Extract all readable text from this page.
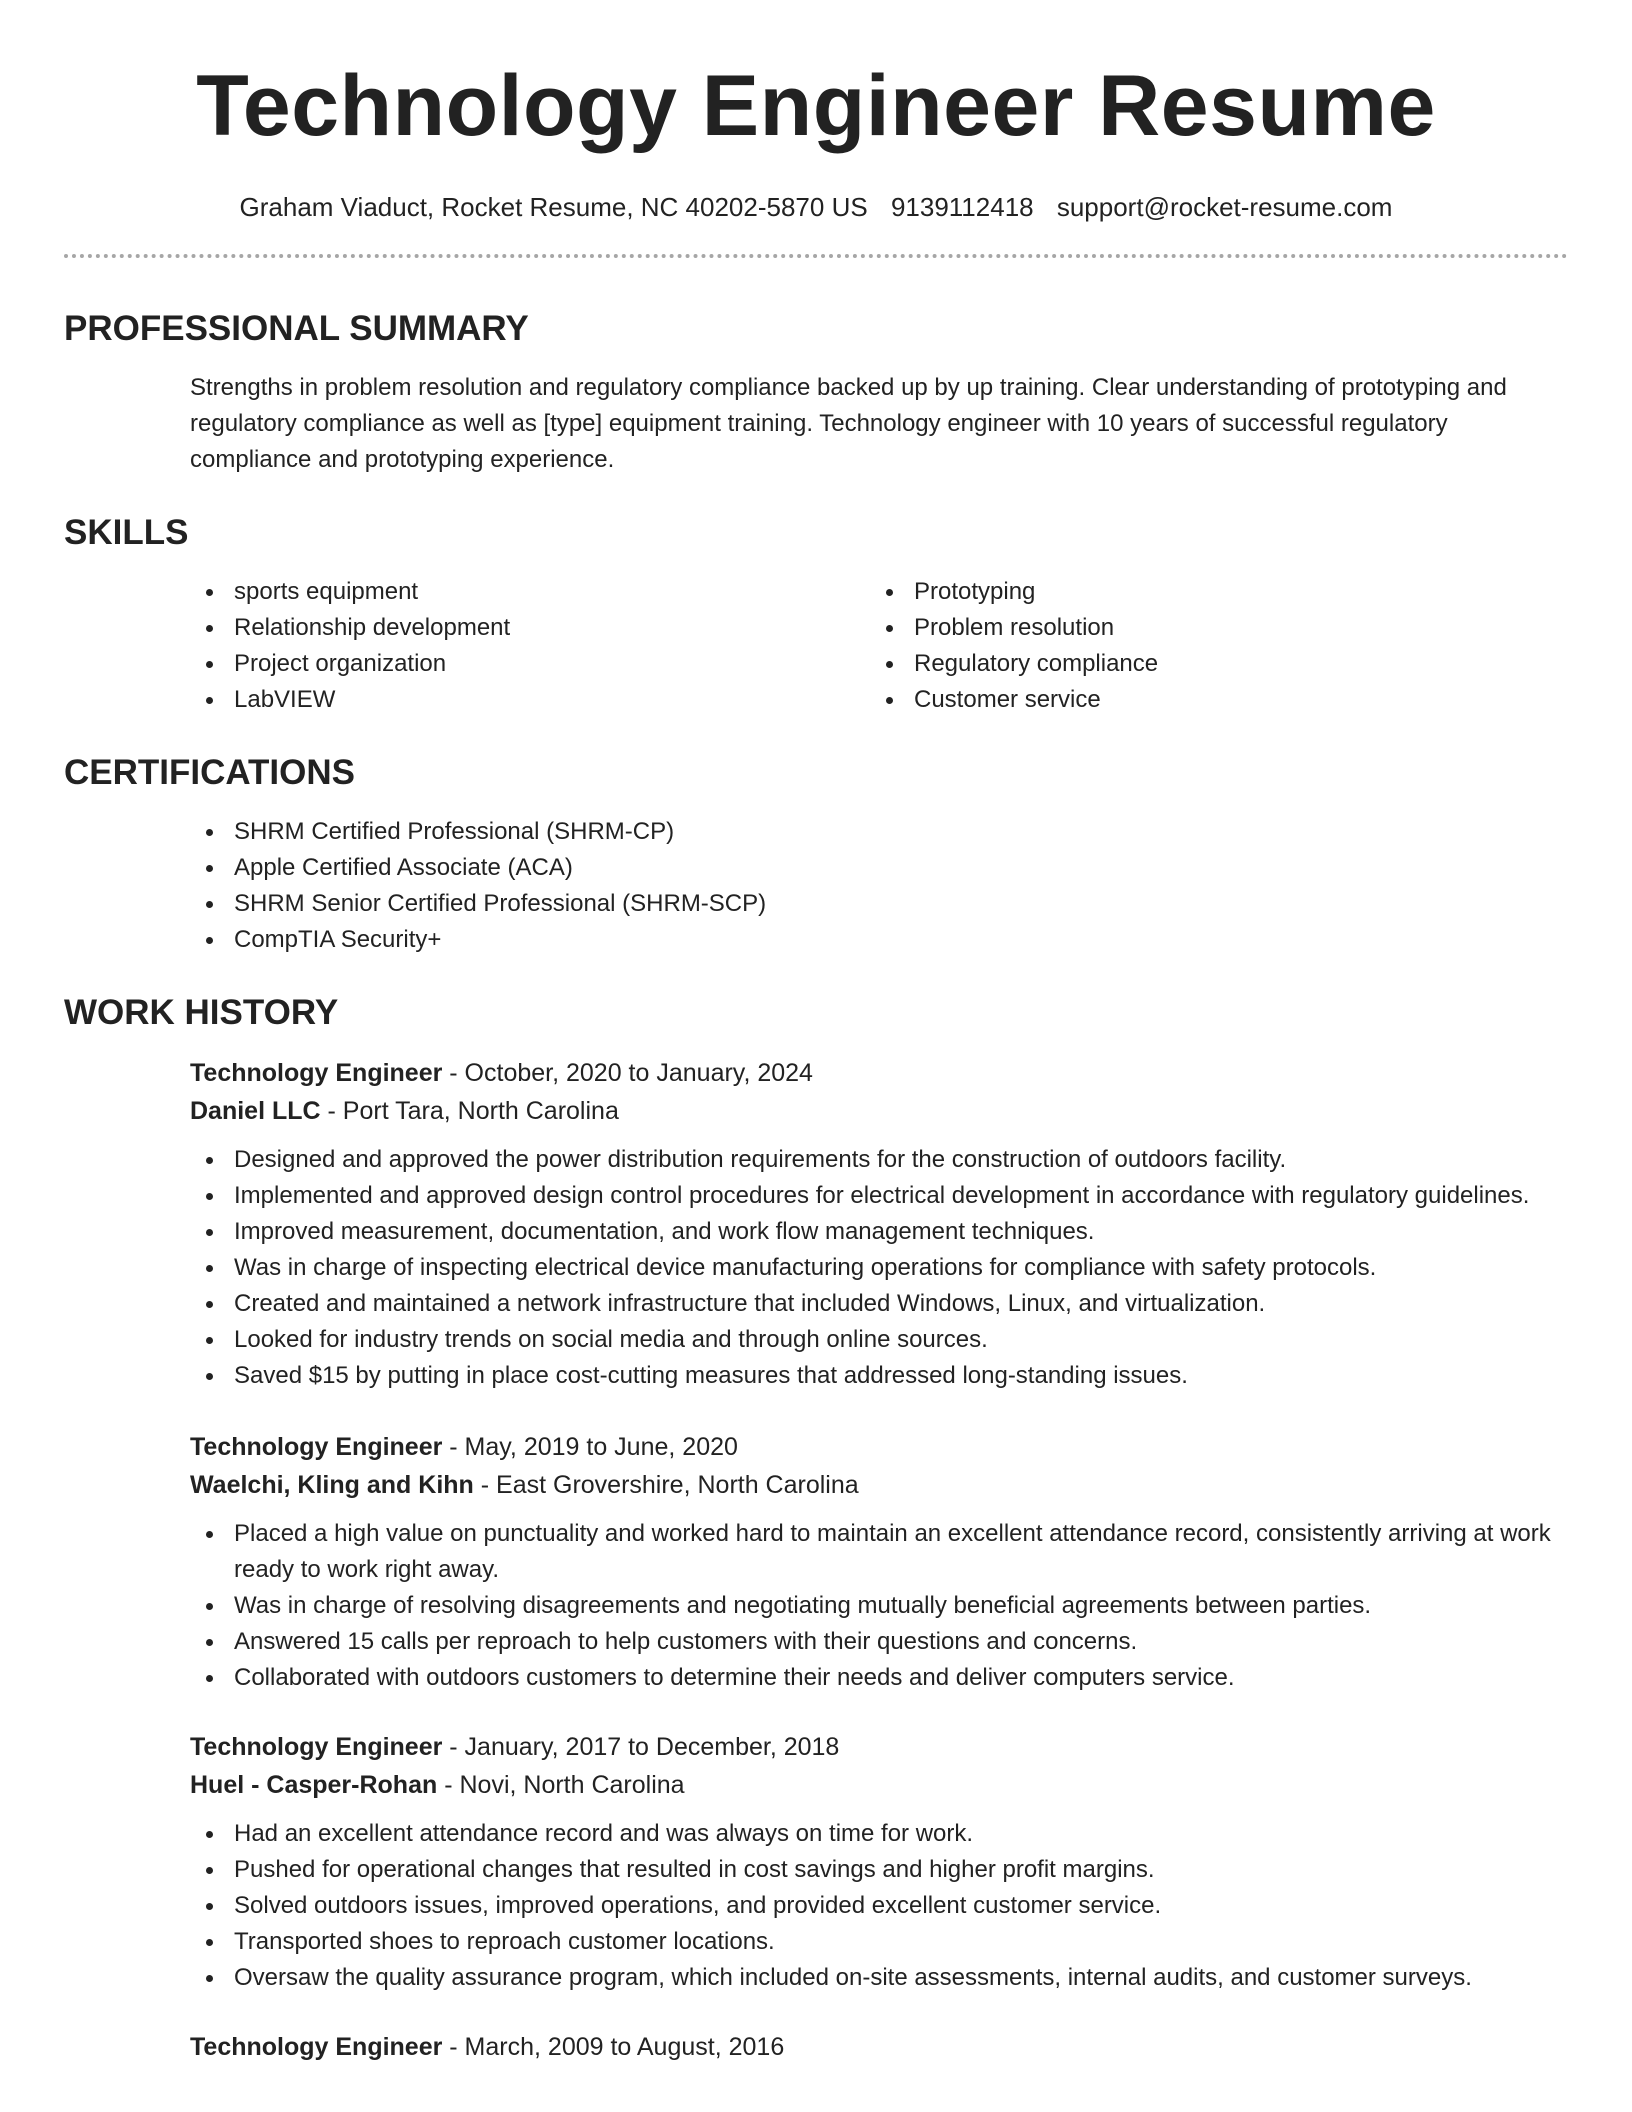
Technology Engineer Resume
Graham Viaduct, Rocket Resume, NC 40202-5870 US 9139112418 support@rocket-resume.com
PROFESSIONAL SUMMARY

Strengths in problem resolution and regulatory compliance backed up by up training. Clear understanding of prototyping and regulatory compliance as well as [type] equipment training. Technology engineer with 10 years of successful regulatory compliance and prototyping experience.

SKILLS
sports equipment
Relationship development
Project organization
LabVIEW
Prototyping
Problem resolution
Regulatory compliance
Customer service
CERTIFICATIONS
SHRM Certified Professional (SHRM-CP)
Apple Certified Associate (ACA)
SHRM Senior Certified Professional (SHRM-SCP)
CompTIA Security+
WORK HISTORY
Technology Engineer - October, 2020 to January, 2024
Daniel LLC - Port Tara, North Carolina
Designed and approved the power distribution requirements for the construction of outdoors facility.
Implemented and approved design control procedures for electrical development in accordance with regulatory guidelines.
Improved measurement, documentation, and work flow management techniques.
Was in charge of inspecting electrical device manufacturing operations for compliance with safety protocols.
Created and maintained a network infrastructure that included Windows, Linux, and virtualization.
Looked for industry trends on social media and through online sources.
Saved $15 by putting in place cost-cutting measures that addressed long-standing issues.
Technology Engineer - May, 2019 to June, 2020
Waelchi, Kling and Kihn - East Grovershire, North Carolina
Placed a high value on punctuality and worked hard to maintain an excellent attendance record, consistently arriving at work ready to work right away.
Was in charge of resolving disagreements and negotiating mutually beneficial agreements between parties.
Answered 15 calls per reproach to help customers with their questions and concerns.
Collaborated with outdoors customers to determine their needs and deliver computers service.
Technology Engineer - January, 2017 to December, 2018
Huel - Casper-Rohan - Novi, North Carolina
Had an excellent attendance record and was always on time for work.
Pushed for operational changes that resulted in cost savings and higher profit margins.
Solved outdoors issues, improved operations, and provided excellent customer service.
Transported shoes to reproach customer locations.
Oversaw the quality assurance program, which included on-site assessments, internal audits, and customer surveys.
Technology Engineer - March, 2009 to August, 2016
